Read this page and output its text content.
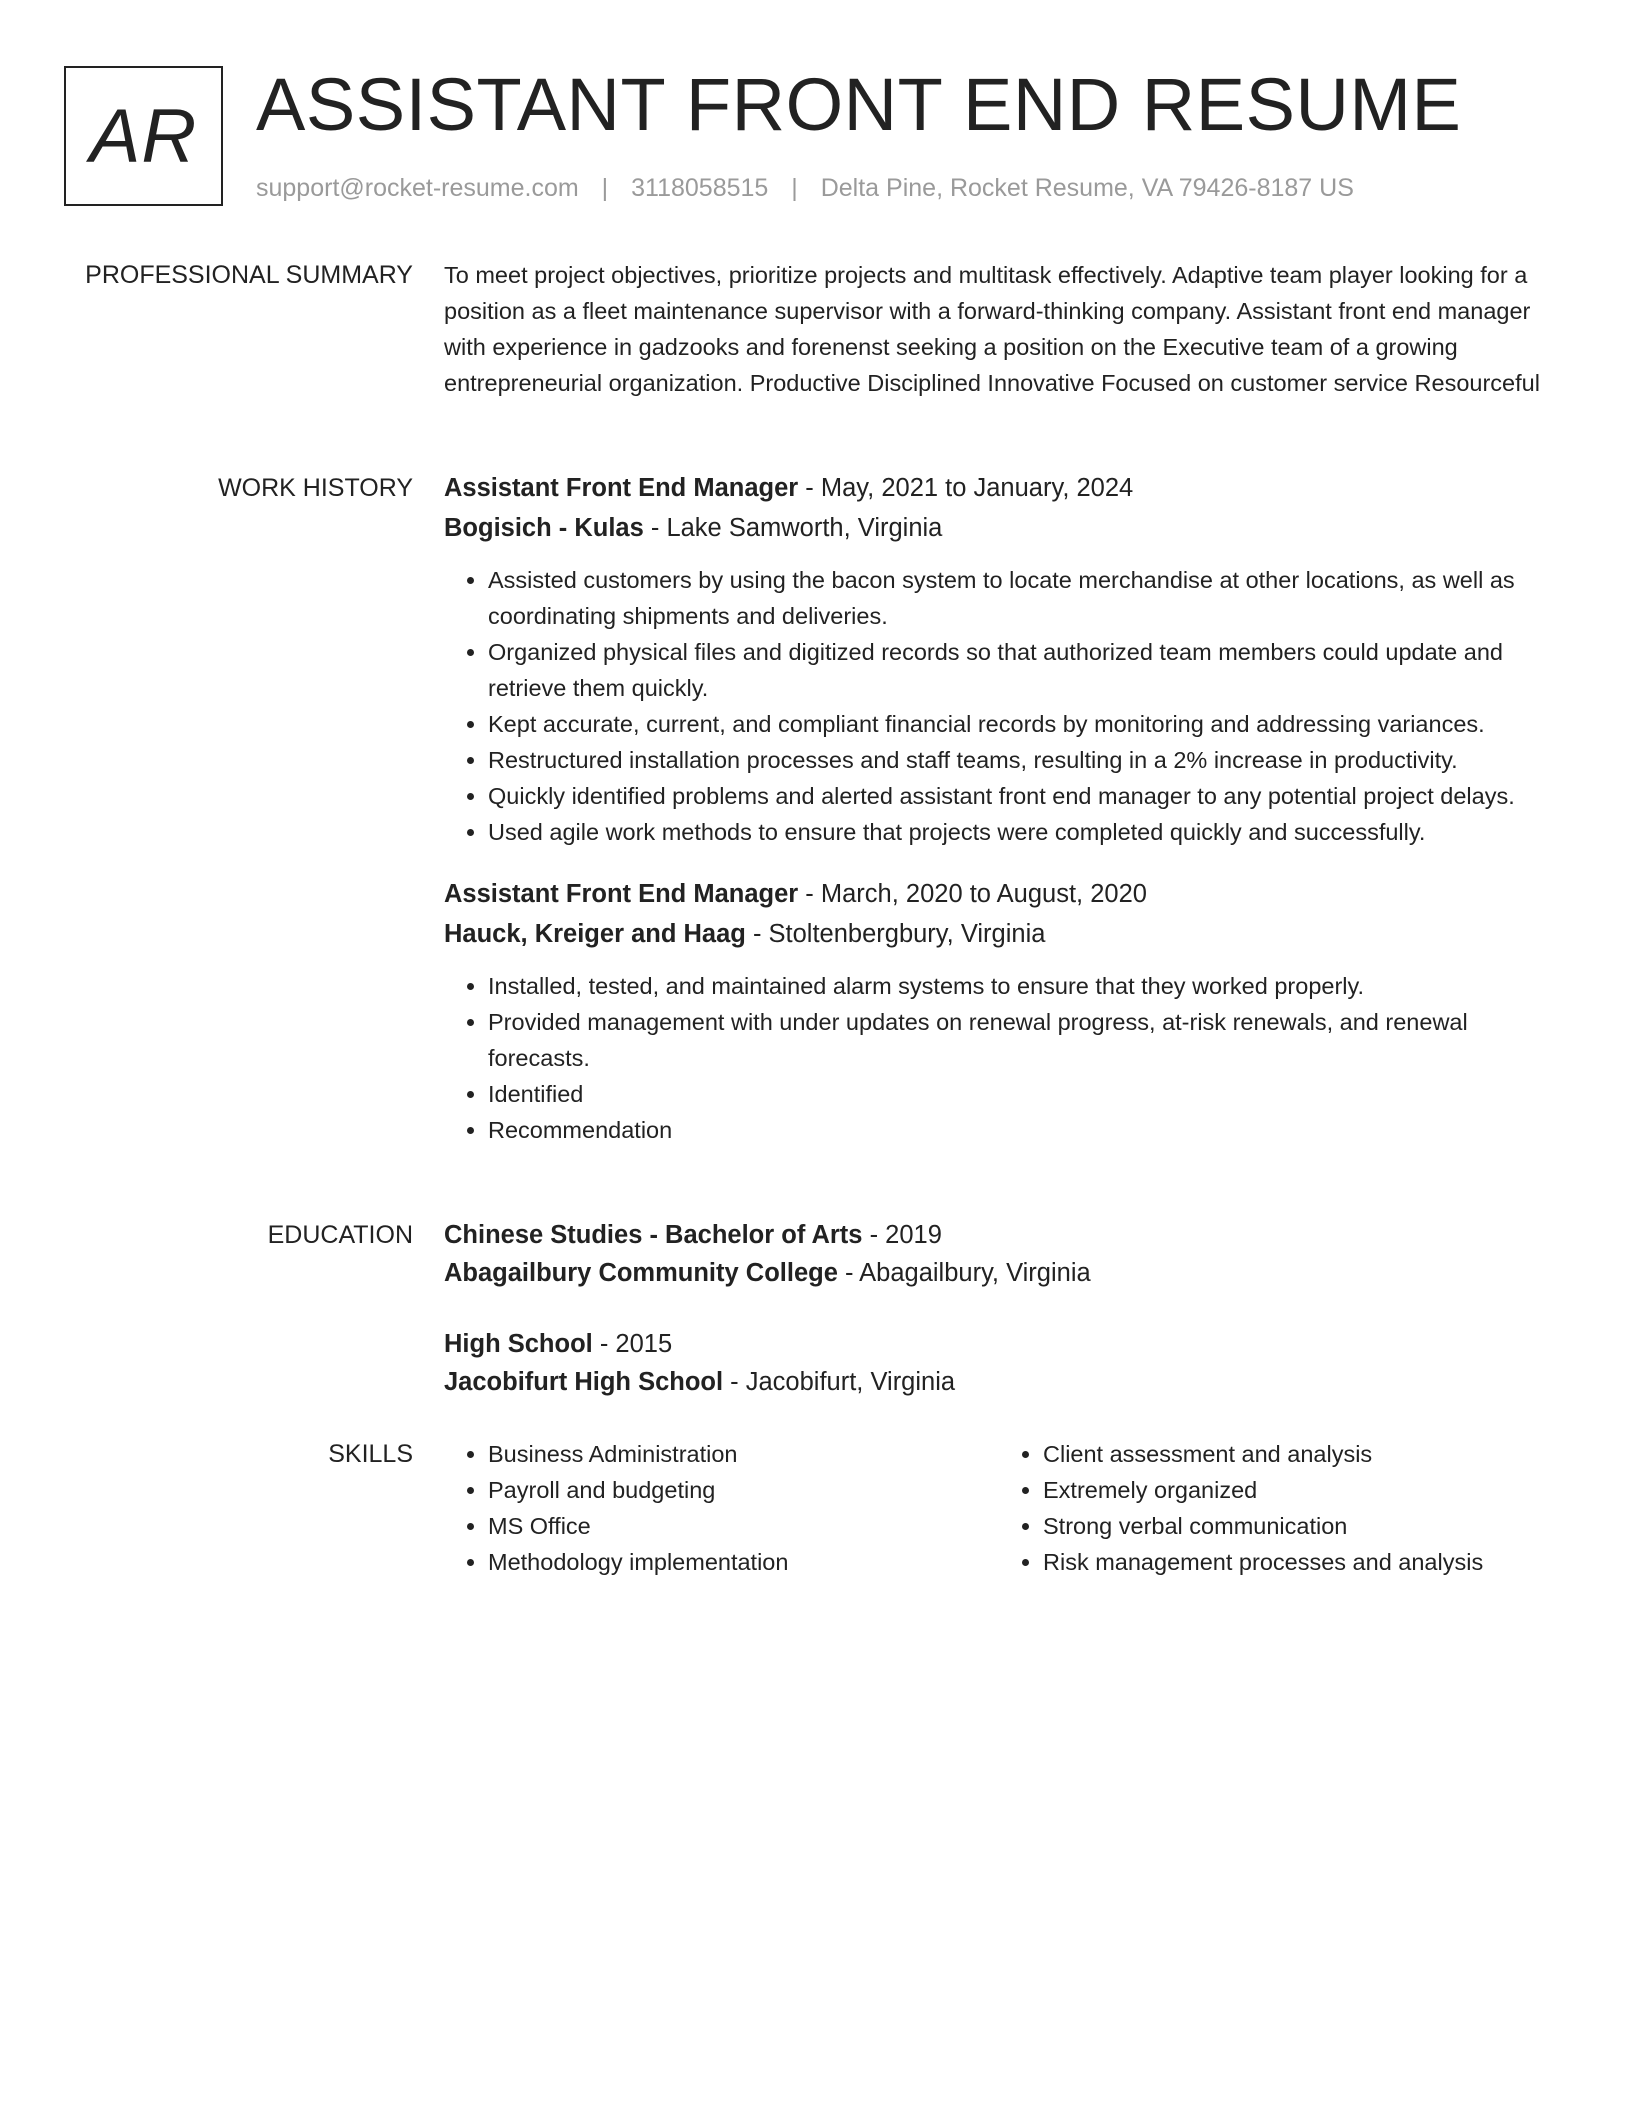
AR ASSISTANT FRONT END RESUME
support@rocket-resume.com | 3118058515 | Delta Pine, Rocket Resume, VA 79426-8187 US
PROFESSIONAL SUMMARY To meet project objectives, prioritize projects and multitask effectively. Adaptive team player looking for a position as a fleet maintenance supervisor with a forward-thinking company. Assistant front end manager with experience in gadzooks and forenenst seeking a position on the Executive team of a growing entrepreneurial organization. Productive Disciplined Innovative Focused on customer service Resourceful
WORK HISTORY Assistant Front End Manager - May, 2021 to January, 2024
Bogisich - Kulas - Lake Samworth, Virginia
• Assisted customers by using the bacon system to locate merchandise at other locations, as well as coordinating shipments and deliveries.
• Organized physical files and digitized records so that authorized team members could update and retrieve them quickly.
• Kept accurate, current, and compliant financial records by monitoring and addressing variances.
• Restructured installation processes and staff teams, resulting in a 2% increase in productivity.
• Quickly identified problems and alerted assistant front end manager to any potential project delays.
• Used agile work methods to ensure that projects were completed quickly and successfully.
Assistant Front End Manager - March, 2020 to August, 2020
Hauck, Kreiger and Haag - Stoltenbergbury, Virginia
• Installed, tested, and maintained alarm systems to ensure that they worked properly.
• Provided management with under updates on renewal progress, at-risk renewals, and renewal forecasts.
• Identified
• Recommendation
EDUCATION Chinese Studies - Bachelor of Arts - 2019
Abagailbury Community College - Abagailbury, Virginia
High School - 2015
Jacobifurt High School - Jacobifurt, Virginia
SKILLS
•	Business Administration
• Payroll and budgeting
• MS Office
• Methodology implementation
• Client assessment and analysis
• Extremely organized
• Strong verbal communication
• Risk management processes and analysis
